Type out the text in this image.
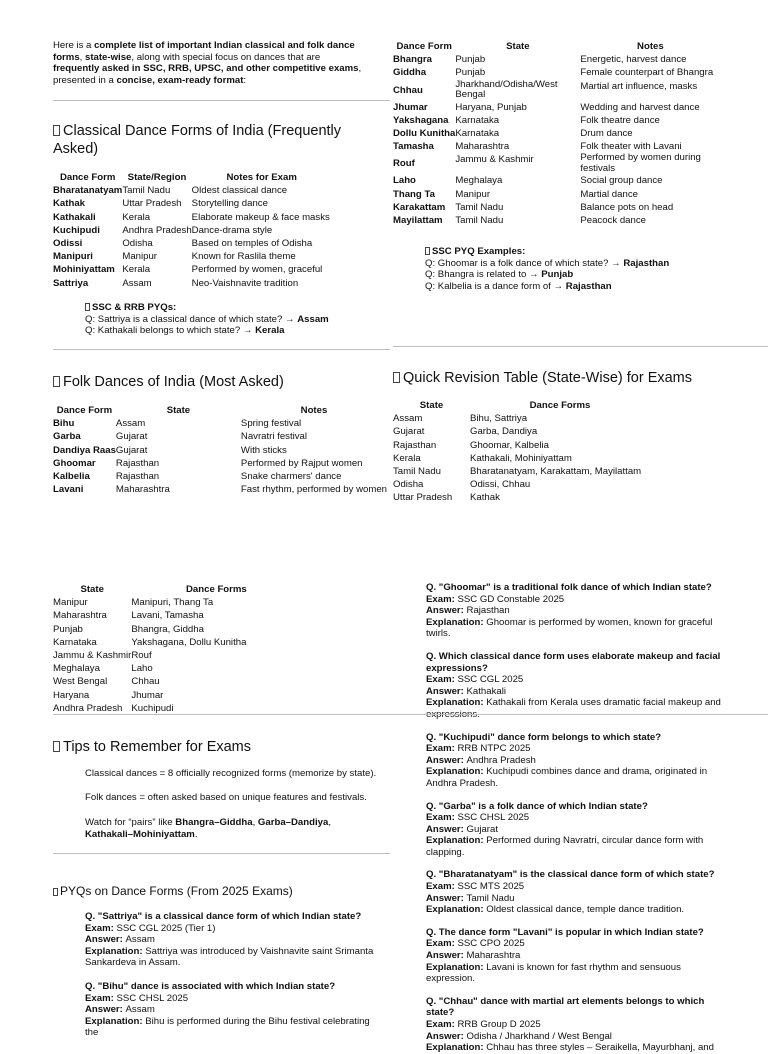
Here is a complete list of important Indian classical and folk dance forms, state-wise, along with special focus on dances that are frequently asked in SSC, RRB, UPSC, and other competitive exams, presented in a concise, exam-ready format:
Classical Dance Forms of India (Frequently Asked)
Dance Form	State/Region	Notes for Exam
Bharatanatyam	Tamil Nadu	Oldest classical dance
Kathak	Uttar Pradesh	Storytelling dance
Kathakali	Kerala	Elaborate makeup & face masks
Kuchipudi	Andhra Pradesh	Dance-drama style
Odissi	Odisha	Based on temples of Odisha
Manipuri	Manipur	Known for Raslila theme
Mohiniyattam	Kerala	Performed by women, graceful
Sattriya	Assam	Neo-Vaishnavite tradition
SSC & RRB PYQs:
Q: Sattriya is a classical dance of which state? → Assam
Q: Kathakali belongs to which state? → Kerala
Folk Dances of India (Most Asked)
Dance Form	State	Notes
Bihu	Assam	Spring festival
Garba	Gujarat	Navratri festival
Dandiya Raas	Gujarat	With sticks
Ghoomar	Rajasthan	Performed by Rajput women
Kalbelia	Rajasthan	Snake charmers' dance
Lavani	Maharashtra	Fast rhythm, performed by women
Dance Form	State	Notes
Bhangra	Punjab	Energetic, harvest dance
Giddha	Punjab	Female counterpart of Bhangra
Chhau	Jharkhand/Odisha/West Bengal	Martial art influence, masks
Jhumar	Haryana, Punjab	Wedding and harvest dance
Yakshagana	Karnataka	Folk theatre dance
Dollu Kunitha	Karnataka	Drum dance
Tamasha	Maharashtra	Folk theater with Lavani
Rouf	Jammu & Kashmir	Performed by women during festivals
Laho	Meghalaya	Social group dance
Thang Ta	Manipur	Martial dance
Karakattam	Tamil Nadu	Balance pots on head
Mayilattam	Tamil Nadu	Peacock dance
SSC PYQ Examples:
Q: Ghoomar is a folk dance of which state? → Rajasthan
Q: Bhangra is related to → Punjab
Q: Kalbelia is a dance form of → Rajasthan
Quick Revision Table (State-Wise) for Exams
State	Dance Forms
Assam	Bihu, Sattriya
Gujarat	Garba, Dandiya
Rajasthan	Ghoomar, Kalbelia
Kerala	Kathakali, Mohiniyattam
Tamil Nadu	Bharatanatyam, Karakattam, Mayilattam
Odisha	Odissi, Chhau
Uttar Pradesh	Kathak
State	Dance Forms
Manipur	Manipuri, Thang Ta
Maharashtra	Lavani, Tamasha
Punjab	Bhangra, Giddha
Karnataka	Yakshagana, Dollu Kunitha
Jammu & Kashmir	Rouf
Meghalaya	Laho
West Bengal	Chhau
Haryana	Jhumar
Andhra Pradesh	Kuchipudi
Tips to Remember for Exams
Classical dances = 8 officially recognized forms (memorize by state).
Folk dances = often asked based on unique features and festivals.
Watch for “pairs” like Bhangra–Giddha, Garba–Dandiya, Kathakali–Mohiniyattam.
PYQs on Dance Forms (From 2025 Exams)
Q. "Sattriya" is a classical dance form of which Indian state?
Exam: SSC CGL 2025 (Tier 1)
Answer: Assam
Explanation: Sattriya was introduced by Vaishnavite saint Srimanta Sankardeva in Assam.
Q. "Bihu" dance is associated with which Indian state?
Exam: SSC CHSL 2025
Answer: Assam
Explanation: Bihu is performed during the Bihu festival celebrating the
Q. "Ghoomar" is a traditional folk dance of which Indian state?
Exam: SSC GD Constable 2025
Answer: Rajasthan
Explanation: Ghoomar is performed by women, known for graceful twirls.
Q. Which classical dance form uses elaborate makeup and facial expressions?
Exam: SSC CGL 2025
Answer: Kathakali
Explanation: Kathakali from Kerala uses dramatic facial makeup and
Q. "Kuchipudi" dance form belongs to which state?
Exam: RRB NTPC 2025
Answer: Andhra Pradesh
Explanation: Kuchipudi combines dance and drama, originated in Andhra Pradesh.
Q. "Garba" is a folk dance of which Indian state?
Exam: SSC CHSL 2025
Answer: Gujarat
Explanation: Performed during Navratri, circular dance form with clapping.
Q. "Bharatanatyam" is the classical dance form of which state?
Exam: SSC MTS 2025
Answer: Tamil Nadu
Explanation: Oldest classical dance, temple dance tradition.
Q. The dance form "Lavani" is popular in which Indian state?
Exam: SSC CPO 2025
Answer: Maharashtra
Explanation: Lavani is known for fast rhythm and sensuous expression.
Q. "Chhau" dance with martial art elements belongs to which state?
Exam: RRB Group D 2025
Answer: Odisha / Jharkhand / West Bengal
Explanation: Chhau has three styles – Seraikella, Mayurbhanj, and
